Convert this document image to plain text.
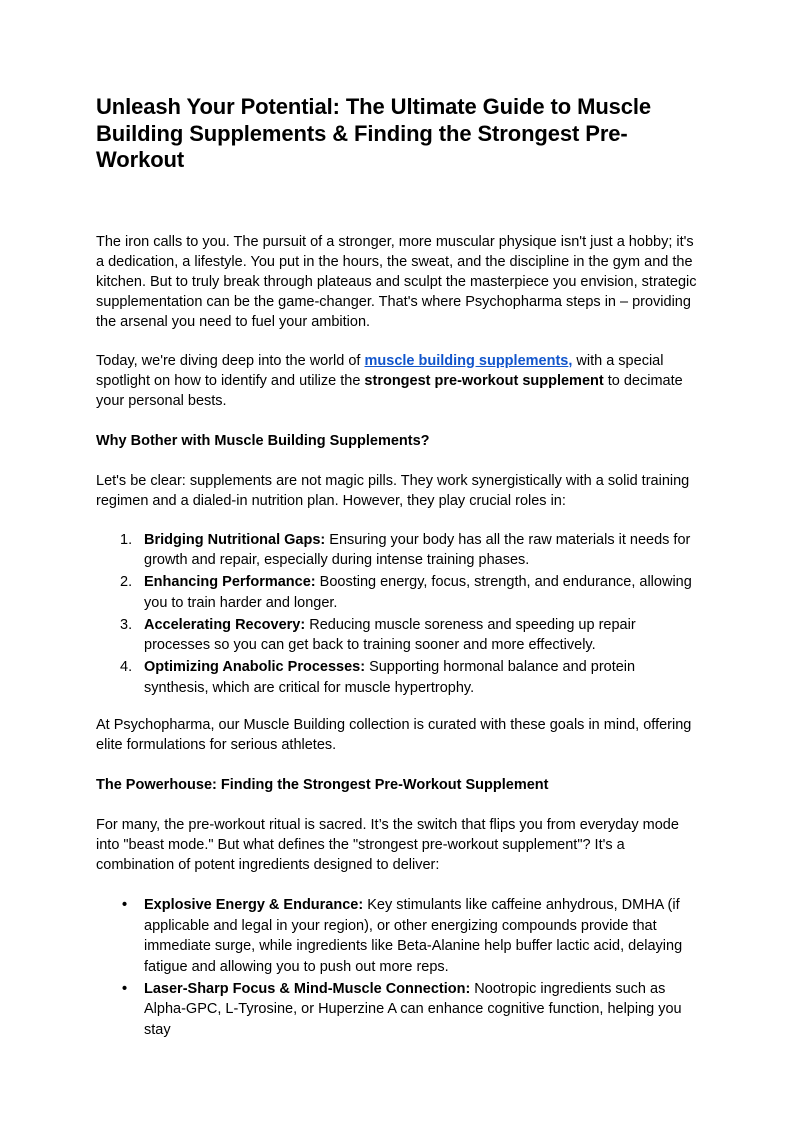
Unleash Your Potential: The Ultimate Guide to Muscle Building Supplements & Finding the Strongest Pre-Workout

The iron calls to you. The pursuit of a stronger, more muscular physique isn't just a hobby; it's a dedication, a lifestyle. You put in the hours, the sweat, and the discipline in the gym and the kitchen. But to truly break through plateaus and sculpt the masterpiece you envision, strategic supplementation can be the game-changer. That's where Psychopharma steps in – providing the arsenal you need to fuel your ambition.

Today, we're diving deep into the world of muscle building supplements, with a special spotlight on how to identify and utilize the strongest pre-workout supplement to decimate your personal bests.

Why Bother with Muscle Building Supplements?

Let's be clear: supplements are not magic pills. They work synergistically with a solid training regimen and a dialed-in nutrition plan. However, they play crucial roles in:

1. Bridging Nutritional Gaps: Ensuring your body has all the raw materials it needs for growth and repair, especially during intense training phases.
2. Enhancing Performance: Boosting energy, focus, strength, and endurance, allowing you to train harder and longer.
3. Accelerating Recovery: Reducing muscle soreness and speeding up repair processes so you can get back to training sooner and more effectively.
4. Optimizing Anabolic Processes: Supporting hormonal balance and protein synthesis, which are critical for muscle hypertrophy.

At Psychopharma, our Muscle Building collection is curated with these goals in mind, offering elite formulations for serious athletes.

The Powerhouse: Finding the Strongest Pre-Workout Supplement

For many, the pre-workout ritual is sacred. It’s the switch that flips you from everyday mode into "beast mode." But what defines the "strongest pre-workout supplement"? It's a combination of potent ingredients designed to deliver:

• Explosive Energy & Endurance: Key stimulants like caffeine anhydrous, DMHA (if applicable and legal in your region), or other energizing compounds provide that immediate surge, while ingredients like Beta-Alanine help buffer lactic acid, delaying fatigue and allowing you to push out more reps.
• Laser-Sharp Focus & Mind-Muscle Connection: Nootropic ingredients such as Alpha-GPC, L-Tyrosine, or Huperzine A can enhance cognitive function, helping you stay
